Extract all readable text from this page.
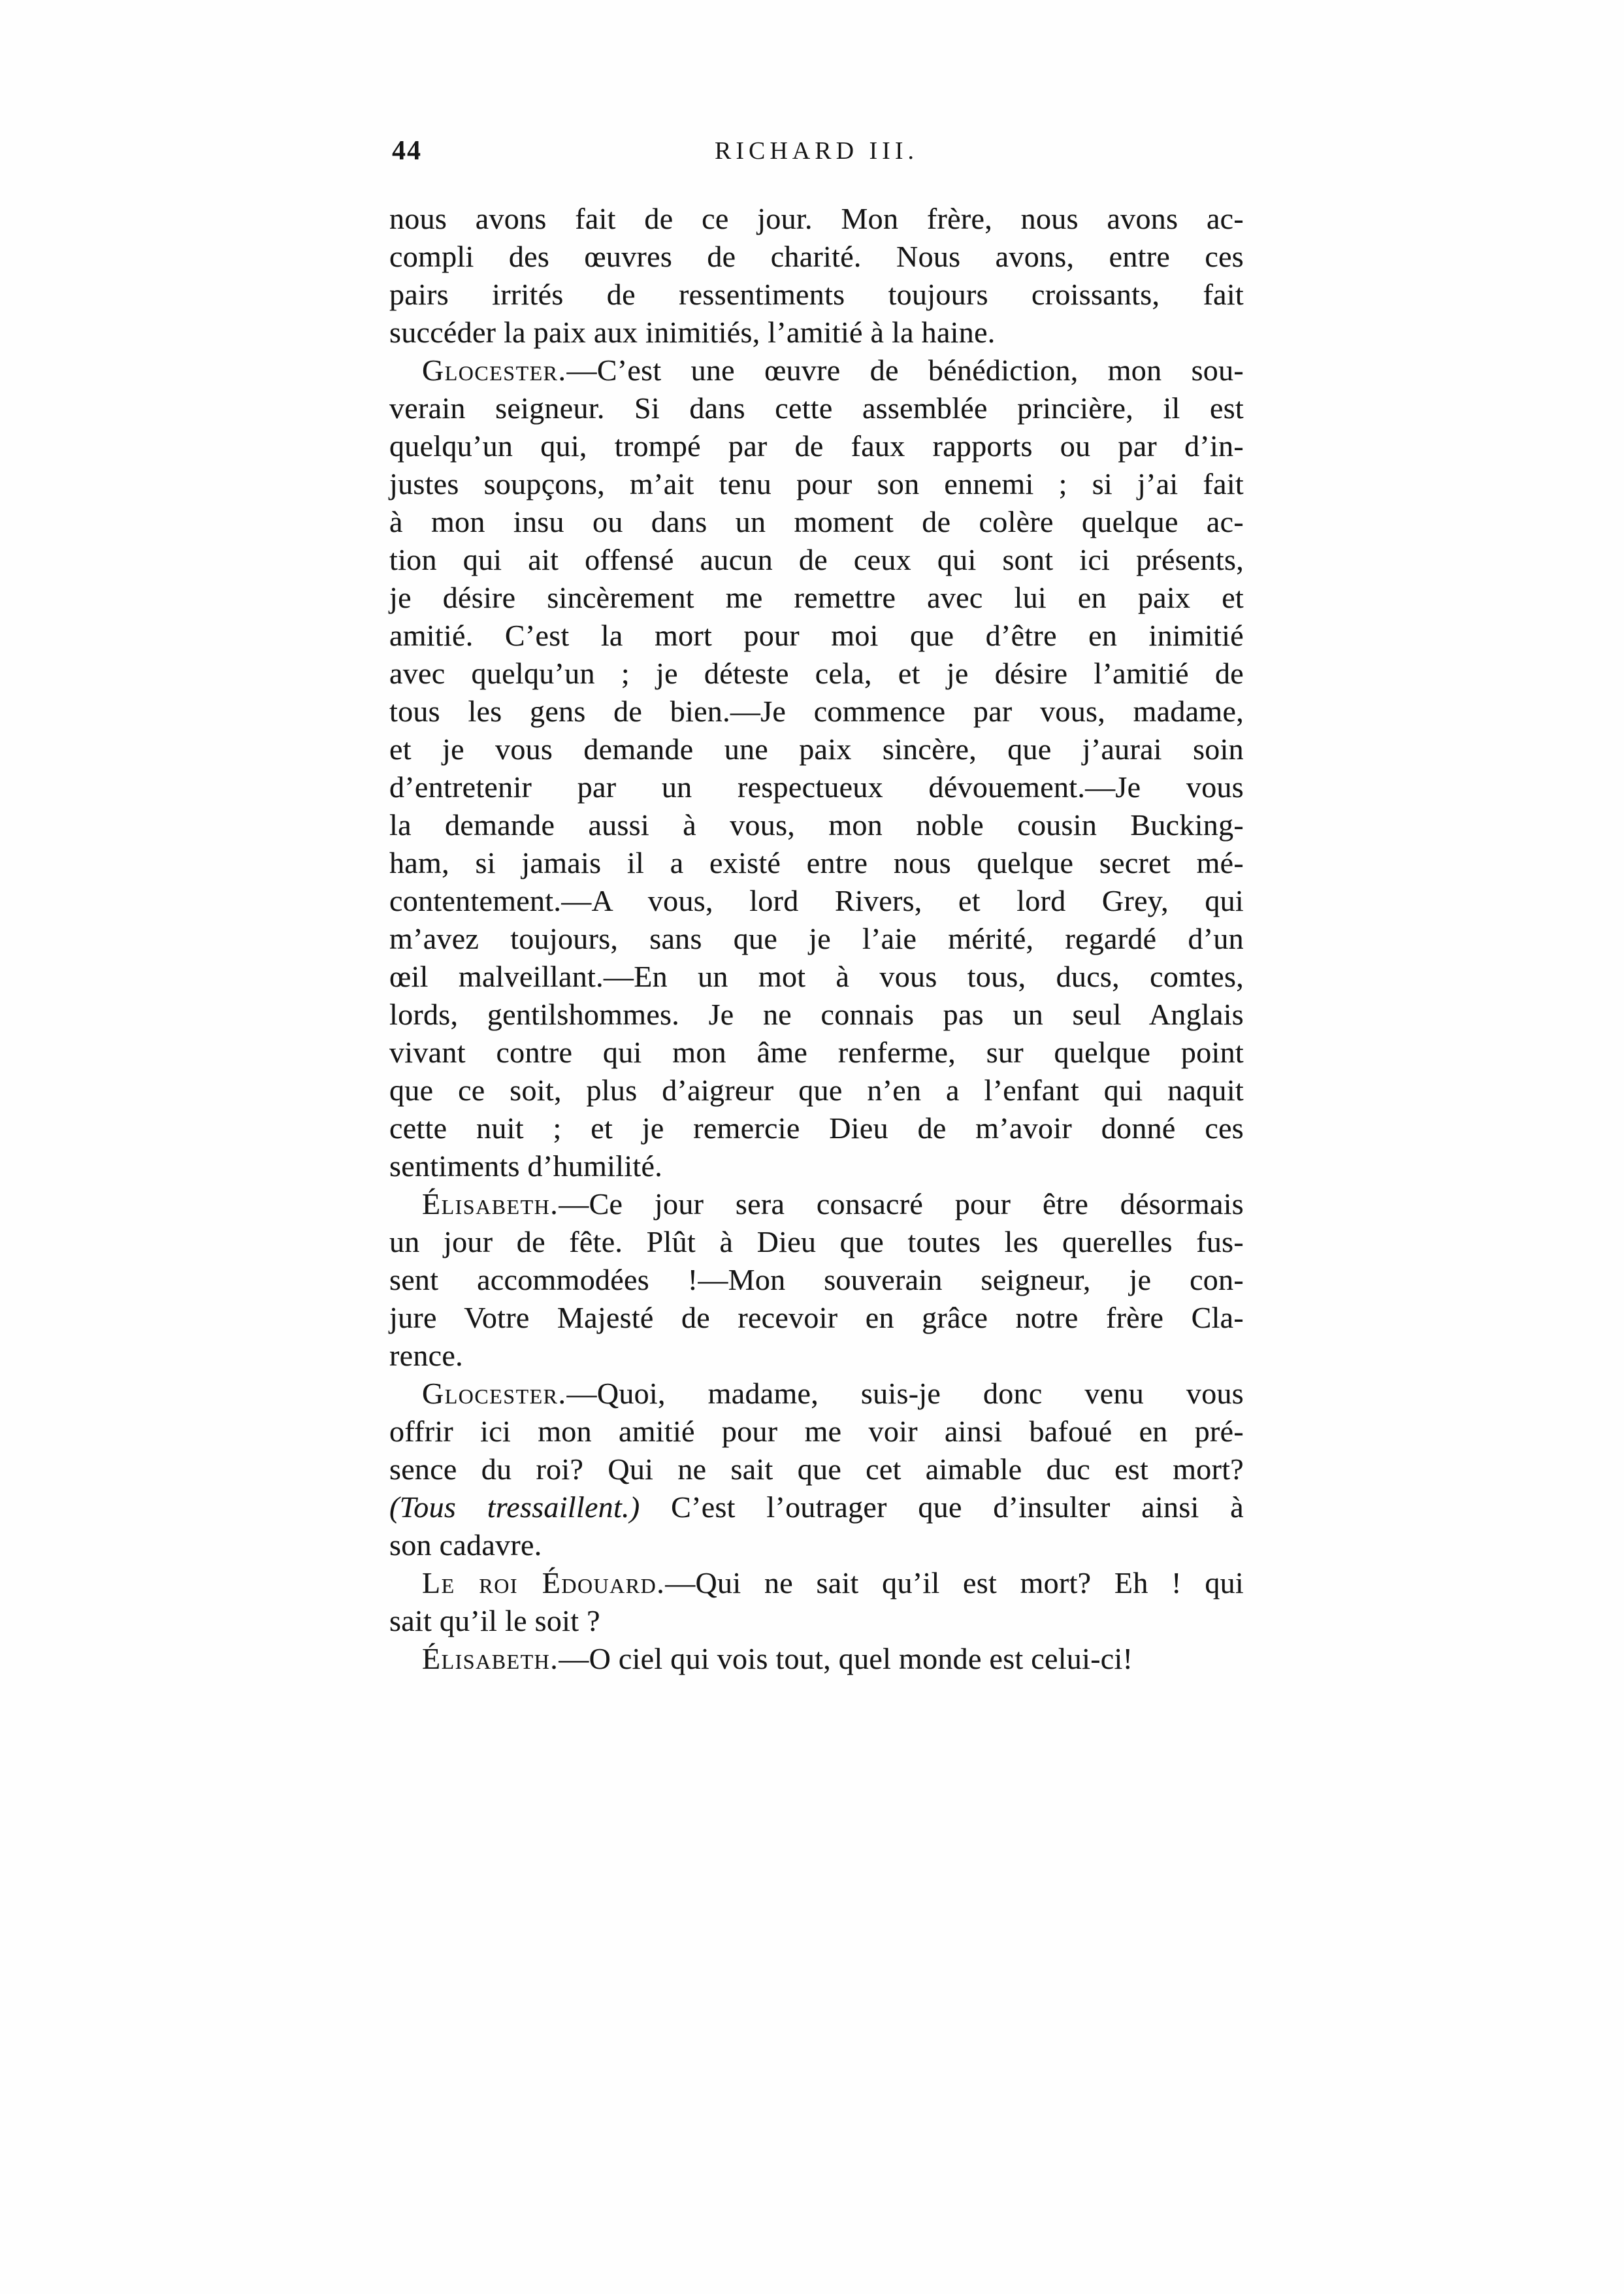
44	RICHARD III.
nous avons fait de ce jour. Mon frère, nous avons ac-
compli des œuvres de charité. Nous avons, entre ces
pairs irrités de ressentiments toujours croissants, fait
succéder la paix aux inimitiés, l’amitié à la haine.
Glocester.—C’est une œuvre de bénédiction, mon sou-
verain seigneur. Si dans cette assemblée princière, il est
quelqu’un qui, trompé par de faux rapports ou par d’in-
justes soupçons, m’ait tenu pour son ennemi ; si j’ai fait
à mon insu ou dans un moment de colère quelque ac-
tion qui ait offensé aucun de ceux qui sont ici présents,
je désire sincèrement me remettre avec lui en paix et
amitié. C’est la mort pour moi que d’être en inimitié
avec quelqu’un ; je déteste cela, et je désire l’amitié de
tous les gens de bien.—Je commence par vous, madame,
et je vous demande une paix sincère, que j’aurai soin
d’entretenir par un respectueux dévouement.—Je vous
la demande aussi à vous, mon noble cousin Bucking-
ham, si jamais il a existé entre nous quelque secret mé-
contentement.—A vous, lord Rivers, et lord Grey, qui
m’avez toujours, sans que je l’aie mérité, regardé d’un
œil malveillant.—En un mot à vous tous, ducs, comtes,
lords, gentilshommes. Je ne connais pas un seul Anglais
vivant contre qui mon âme renferme, sur quelque point
que ce soit, plus d’aigreur que n’en a l’enfant qui naquit
cette nuit ; et je remercie Dieu de m’avoir donné ces
sentiments d’humilité.
Élisabeth.—Ce jour sera consacré pour être désormais
un jour de fête. Plût à Dieu que toutes les querelles fus-
sent accommodées !—Mon souverain seigneur, je con-
jure Votre Majesté de recevoir en grâce notre frère Cla-
rence.
Glocester.—Quoi, madame, suis-je donc venu vous
offrir ici mon amitié pour me voir ainsi bafoué en pré-
sence du roi? Qui ne sait que cet aimable duc est mort?
(Tous tressaillent.) C’est l’outrager que d’insulter ainsi à
son cadavre.
Le roi Édouard.—Qui ne sait qu’il est mort? Eh ! qui
sait qu’il le soit ?
Élisabeth.—O ciel qui vois tout, quel monde est celui-ci!
